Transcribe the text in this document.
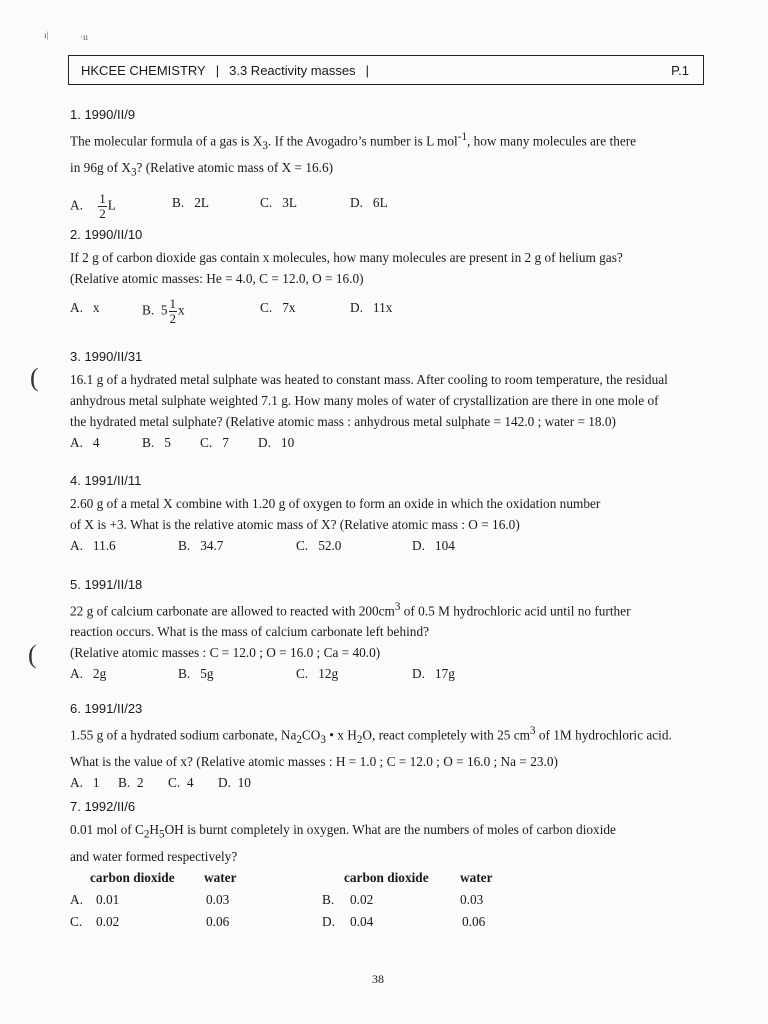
ı|	·ıı
(
(
HKCEE CHEMISTRY | 3.3 Reactivity masses |	P.1
1. 1990/II/9
The molecular formula of a gas is $X_3$. If the Avogadro’s number is L mol$^{-1}$, how many molecules are there
in 96g of $X_3$? (Relative atomic mass of X = 16.6)
A. $\frac{1}{2}$ L	B. 2L	C. 3L	D. 6L
2. 1990/II/10
If 2 g of carbon dioxide gas contain x molecules, how many molecules are present in 2 g of helium gas?
(Relative atomic masses: He = 4.0, C = 12.0, O = 16.0)
A. x	B. $5 \frac{1}{2}$ x	C. 7x	D. 11x
3. 1990/II/31
16.1 g of a hydrated metal sulphate was heated to constant mass. After cooling to room temperature, the residual
anhydrous metal sulphate weighted 7.1 g. How many moles of water of crystallization are there in one mole of
the hydrated metal sulphate? (Relative atomic mass : anhydrous metal sulphate = 142.0 ; water = 18.0)
A. 4	B. 5 C. 7 D. 10
4. 1991/II/11
2.60 g of a metal X combine with 1.20 g of oxygen to form an oxide in which the oxidation number
of X is +3. What is the relative atomic mass of X? (Relative atomic mass : O = 16.0)
A. 11.6	B. 34.7	C. 52.0	D. 104
5. 1991/II/18
22 g of calcium carbonate are allowed to reacted with $200cm^3$ of 0.5 M hydrochloric acid until no further
reaction occurs. What is the mass of calcium carbonate left behind?
(Relative atomic masses : C = 12.0 ; O = 16.0 ; Ca = 40.0)
A. 2g	B. 5g	C. 12g	D. 17g
6. 1991/II/23
1.55 g of a hydrated sodium carbonate, $Na_2CO_3$ • x $H_2O$, react completely with 25 $cm^3$ of 1M hydrochloric acid.
What is the value of x? (Relative atomic masses : H = 1.0 ; C = 12.0 ; O = 16.0 ; Na = 23.0)
A. 1 B. 2 C. 4 D. 10
7. 1992/II/6
0.01 mol of $C_2H_5OH$ is burnt completely in oxygen. What are the numbers of moles of carbon dioxide
and water formed respectively?
carbon dioxide water	carbon dioxide water
A. 0.01	0.03	B. 0.02	0.03
C. 0.02	0.06	D. 0.04	0.06
38
